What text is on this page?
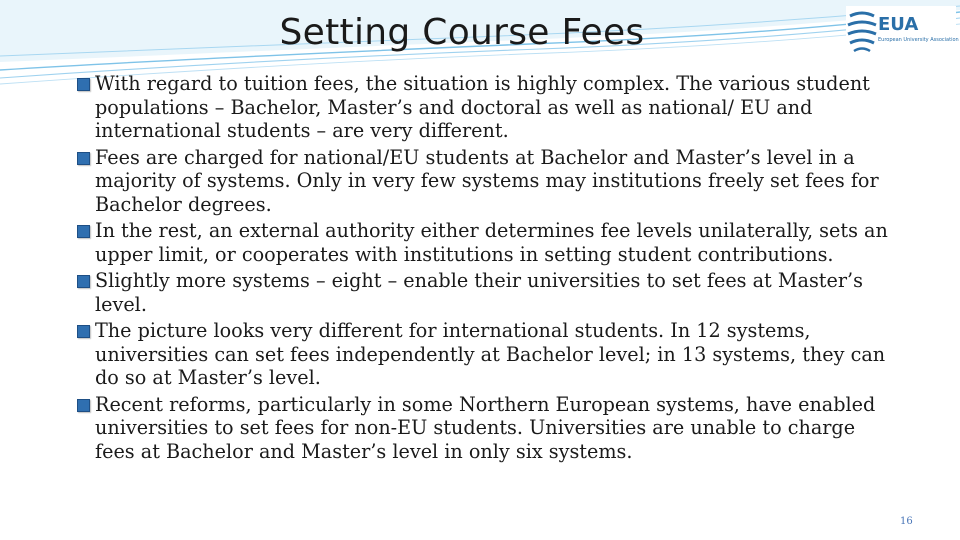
Setting Course Fees	EUA
European University Association
With regard to tuition fees, the situation is highly complex. The various student populations – Bachelor, Master’s and doctoral as well as national/ EU and international students – are very different.
Fees are charged for national/EU students at Bachelor and Master’s level in a majority of systems. Only in very few systems may institutions freely set fees for Bachelor degrees.
In the rest, an external authority either determines fee levels unilaterally, sets an upper limit, or cooperates with institutions in setting student contributions.
Slightly more systems – eight – enable their universities to set fees at Master’s level.
The picture looks very different for international students. In 12 systems, universities can set fees independently at Bachelor level; in 13 systems, they can do so at Master’s level.
Recent reforms, particularly in some Northern European systems, have enabled universities to set fees for non-EU students. Universities are unable to charge fees at Bachelor and Master’s level in only six systems.
16
